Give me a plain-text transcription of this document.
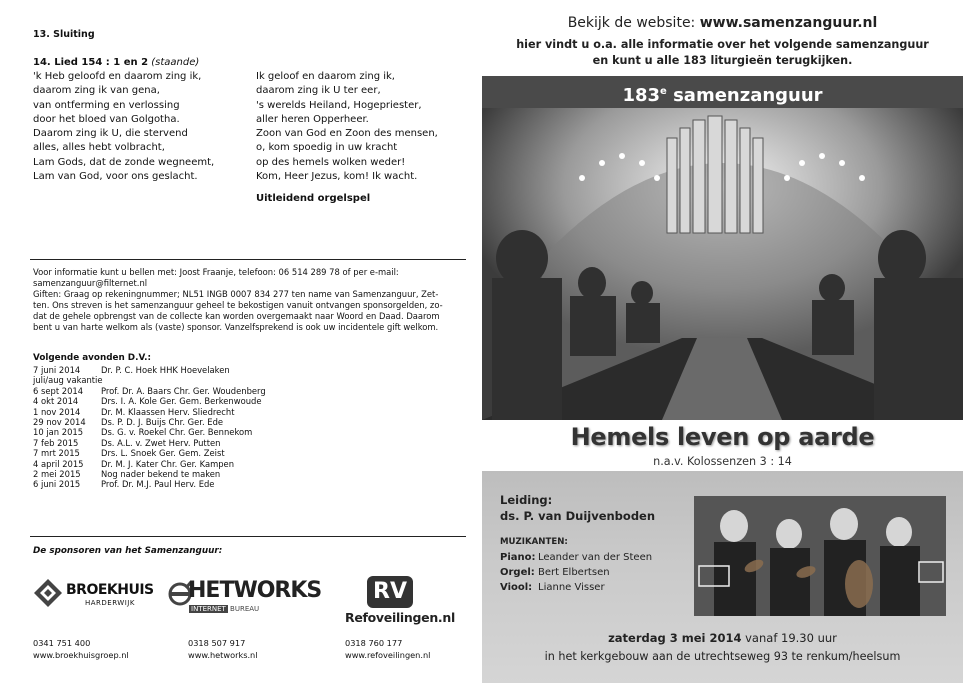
13. Sluiting
14. Lied 154 : 1 en 2 (staande)
'k Heb geloofd en daarom zing ik,
daarom zing ik van gena,
van ontferming en verlossing
door het bloed van Golgotha.
Daarom zing ik U, die stervend
alles, alles hebt volbracht,
Lam Gods, dat de zonde wegneemt,
Lam van God, voor ons geslacht.
Ik geloof en daarom zing ik,
daarom zing ik U ter eer,
's werelds Heiland, Hogepriester,
aller heren Opperheer.
Zoon van God en Zoon des mensen,
o, kom spoedig in uw kracht
op des hemels wolken weder!
Kom, Heer Jezus, kom! Ik wacht.
Uitleidend orgelspel
Voor informatie kunt u bellen met: Joost Fraanje, telefoon: 06 514 289 78 of per e-mail:
samenzanguur@filternet.nl
Giften: Graag op rekeningnummer; NL51 INGB 0007 834 277 ten name van Samenzanguur, Zet-
ten. Ons streven is het samenzanguur geheel te bekostigen vanuit ontvangen sponsorgelden, zo-
dat de gehele opbrengst van de collecte kan worden overgemaakt naar Woord en Daad. Daarom
bent u van harte welkom als (vaste) sponsor. Vanzelfsprekend is ook uw incidentele gift welkom.
Volgende avonden D.V.:
7 juni 2014	Dr. P. C. Hoek HHK Hoevelaken
juli/aug vakantie
6 sept 2014	Prof. Dr. A. Baars Chr. Ger. Woudenberg
4 okt 2014	Drs. I. A. Kole Ger. Gem. Berkenwoude
1 nov 2014	Dr. M. Klaassen Herv. Sliedrecht
29 nov 2014	Ds. P. D. J. Buijs Chr. Ger. Ede
10 jan 2015	Ds. G. v. Roekel Chr. Ger. Bennekom
7 feb 2015	Ds. A.L. v. Zwet Herv. Putten
7 mrt 2015	Drs. L. Snoek Ger. Gem. Zeist
4 april 2015	Dr. M. J. Kater Chr. Ger. Kampen
2 mei 2015	Nog nader bekend te maken
6 juni 2015	Prof. Dr. M.J. Paul Herv. Ede
De sponsoren van het Samenzanguur:
BROEKHUIS
HARDERWIJK
0341 751 400
www.broekhuisgroep.nl
HETWORKS
INTERNET BUREAU
0318 507 917
www.hetworks.nl
RV
Refoveilingen.nl
0318 760 177
www.refoveilingen.nl
Bekijk de website: www.samenzanguur.nl
hier vindt u o.a. alle informatie over het volgende samenzanguur
en kunt u alle 183 liturgieën terugkijken.
183e samenzanguur
Hemels leven op aarde
n.a.v. Kolossenzen 3 : 14
Leiding:
ds. P. van Duijvenboden
MUZIKANTEN:
Piano: Leander van der Steen
Orgel: Bert Elbertsen
Viool: Lianne Visser
zaterdag 3 mei 2014 vanaf 19.30 uur
in het kerkgebouw aan de utrechtseweg 93 te renkum/heelsum
